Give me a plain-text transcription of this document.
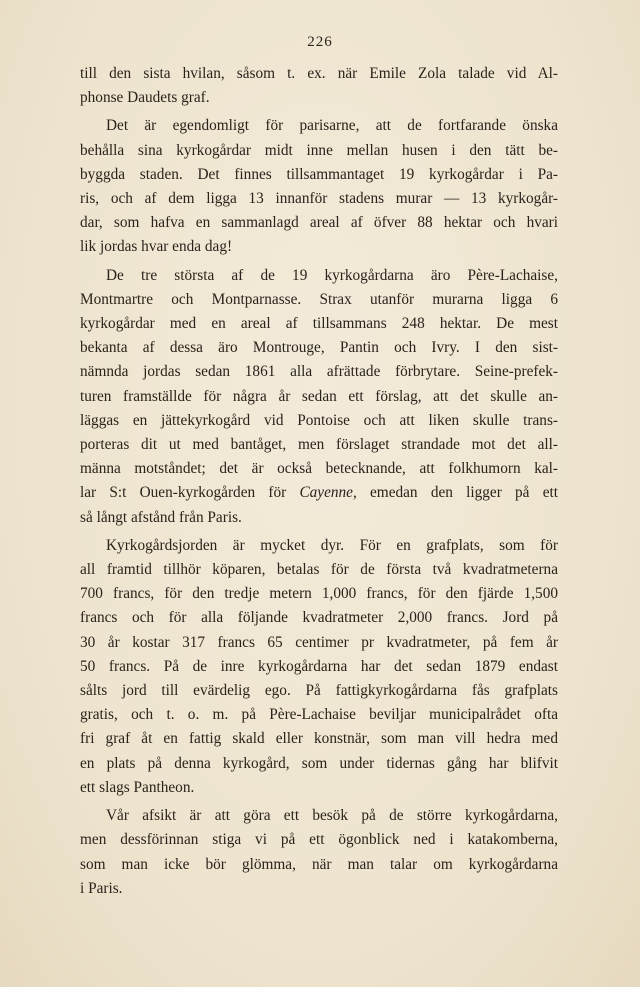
226
till den sista hvilan, såsom t. ex. när Emile Zola talade vid Al-
phonse Daudets graf.
Det är egendomligt för parisarne, att de fortfarande önska
behålla sina kyrkogårdar midt inne mellan husen i den tätt be-
byggda staden. Det finnes tillsammantaget 19 kyrkogårdar i Pa-
ris, och af dem ligga 13 innanför stadens murar — 13 kyrkogår-
dar, som hafva en sammanlagd areal af öfver 88 hektar och hvari
lik jordas hvar enda dag!
De tre största af de 19 kyrkogårdarna äro Père-Lachaise,
Montmartre och Montparnasse. Strax utanför murarna ligga 6
kyrkogårdar med en areal af tillsammans 248 hektar. De mest
bekanta af dessa äro Montrouge, Pantin och Ivry. I den sist-
nämnda jordas sedan 1861 alla afrättade förbrytare. Seine-prefek-
turen framställde för några år sedan ett förslag, att det skulle an-
läggas en jättekyrkogård vid Pontoise och att liken skulle trans-
porteras dit ut med bantåget, men förslaget strandade mot det all-
männa motståndet; det är också betecknande, att folkhumorn kal-
lar S:t Ouen-kyrkogården för Cayenne, emedan den ligger på ett
så långt afstånd från Paris.
Kyrkogårdsjorden är mycket dyr. För en grafplats, som för
all framtid tillhör köparen, betalas för de första två kvadratmeterna
700 francs, för den tredje metern 1,000 francs, för den fjärde 1,500
francs och för alla följande kvadratmeter 2,000 francs. Jord på
30 år kostar 317 francs 65 centimer pr kvadratmeter, på fem år
50 francs. På de inre kyrkogårdarna har det sedan 1879 endast
sålts jord till evärdelig ego. På fattigkyrkogårdarna fås grafplats
gratis, och t. o. m. på Père-Lachaise beviljar municipalrådet ofta
fri graf åt en fattig skald eller konstnär, som man vill hedra med
en plats på denna kyrkogård, som under tidernas gång har blifvit
ett slags Pantheon.
Vår afsikt är att göra ett besök på de större kyrkogårdarna,
men dessförinnan stiga vi på ett ögonblick ned i katakomberna,
som man icke bör glömma, när man talar om kyrkogårdarna
i Paris.
